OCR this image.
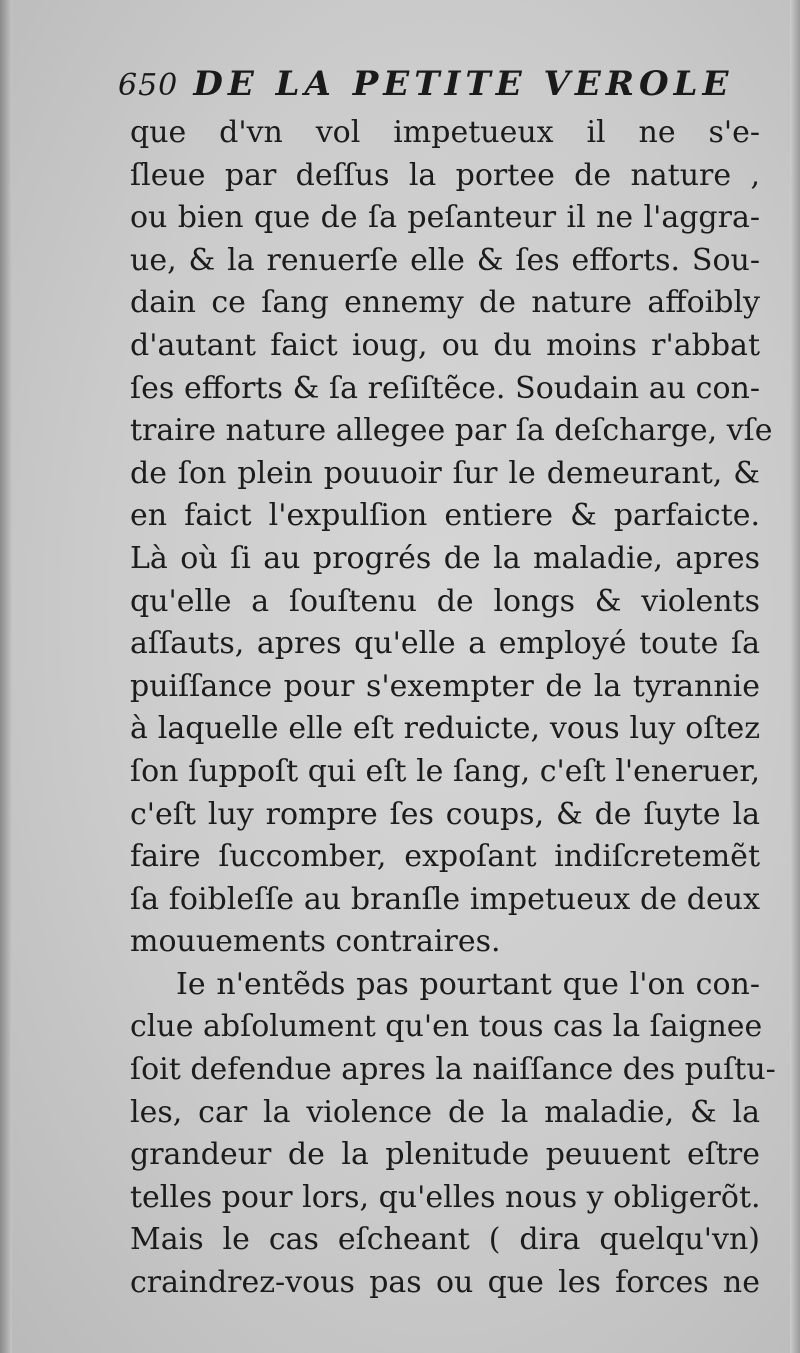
650 DE LA PETITE VEROLE
que d'vn vol impetueux il ne s'e-
ſleue par deſſus la portee de nature ,
ou bien que de ſa peſanteur il ne l'aggra-
ue, & la renuerſe elle & ſes efforts. Sou-
dain ce ſang ennemy de nature affoibly
d'autant faict ioug, ou du moins r'abbat
ſes efforts & ſa reſiſtẽce. Soudain au con-
traire nature allegee par ſa deſcharge, vſe
de ſon plein pouuoir ſur le demeurant, &
en faict l'expulſion entiere & parfaicte.
Là où ſi au progrés de la maladie, apres
qu'elle a ſouſtenu de longs & violents
aſſauts, apres qu'elle a employé toute ſa
puiſſance pour s'exempter de la tyrannie
à laquelle elle eſt reduicte, vous luy oſtez
ſon ſuppoſt qui eſt le ſang, c'eſt l'eneruer,
c'eſt luy rompre ſes coups, & de ſuyte la
faire ſuccomber, expoſant indiſcretemẽt
ſa foibleſſe au branſle impetueux de deux
mouuements contraires.
Ie n'entẽds pas pourtant que l'on con-
clue abſolument qu'en tous cas la ſaignee
ſoit defendue apres la naiſſance des puſtu-
les, car la violence de la maladie, & la
grandeur de la plenitude peuuent eſtre
telles pour lors, qu'elles nous y obligerõt.
Mais le cas eſcheant ( dira quelqu'vn)
craindrez-vous pas ou que les forces ne
